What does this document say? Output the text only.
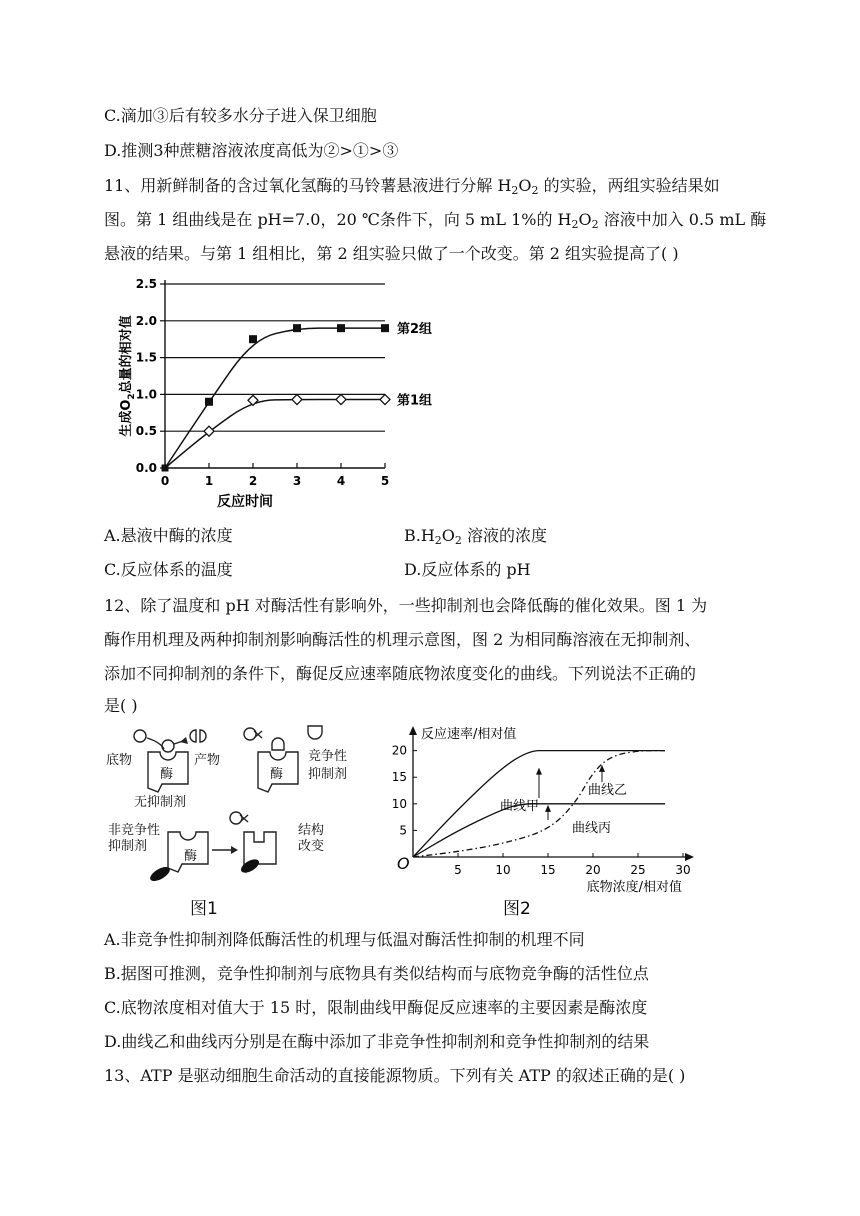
C.滴加③后有较多水分子进入保卫细胞
D.推测3种蔗糖溶液浓度高低为②>①>③
11、用新鲜制备的含过氧化氢酶的马铃薯悬液进行分解 $H_2O_2$ 的实验，两组实验结果如
图。第 1 组曲线是在 pH=7.0，20 ℃条件下，向 5 mL 1%的 $H_2O_2$ 溶液中加入 0.5 mL 酶
悬液的结果。与第 1 组相比，第 2 组实验只做了一个改变。第 2 组实验提高了( )
0.0
0.5
1.0
1.5
2.0
2.5
0	1	2	3	4	5
反应时间
生成$O_2$总量的相对值	第2组
第1组
A.悬液中酶的浓度	$B.H_2O_2$ 溶液的浓度
C.反应体系的温度	D.反应体系的 pH
12、除了温度和 pH 对酶活性有影响外，一些抑制剂也会降低酶的催化效果。图 1 为
酶作用机理及两种抑制剂影响酶活性的机理示意图，图 2 为相同酶溶液在无抑制剂、
添加不同抑制剂的条件下，酶促反应速率随底物浓度变化的曲线。下列说法不正确的
是( )
底物	产物
酶
无抑制剂
酶
竞争性
抑制剂
非竞争性
抑制剂
酶
结构
改变
图1
反应速率/相对值
底物浓度/相对值
O
5
10
15
20
5	10 15 20 25 30
曲线甲
曲线乙
曲线丙
图2
A.非竞争性抑制剂降低酶活性的机理与低温对酶活性抑制的机理不同
B.据图可推测，竞争性抑制剂与底物具有类似结构而与底物竞争酶的活性位点
C.底物浓度相对值大于 15 时，限制曲线甲酶促反应速率的主要因素是酶浓度
D.曲线乙和曲线丙分别是在酶中添加了非竞争性抑制剂和竞争性抑制剂的结果
13、ATP 是驱动细胞生命活动的直接能源物质。下列有关 ATP 的叙述正确的是( )
